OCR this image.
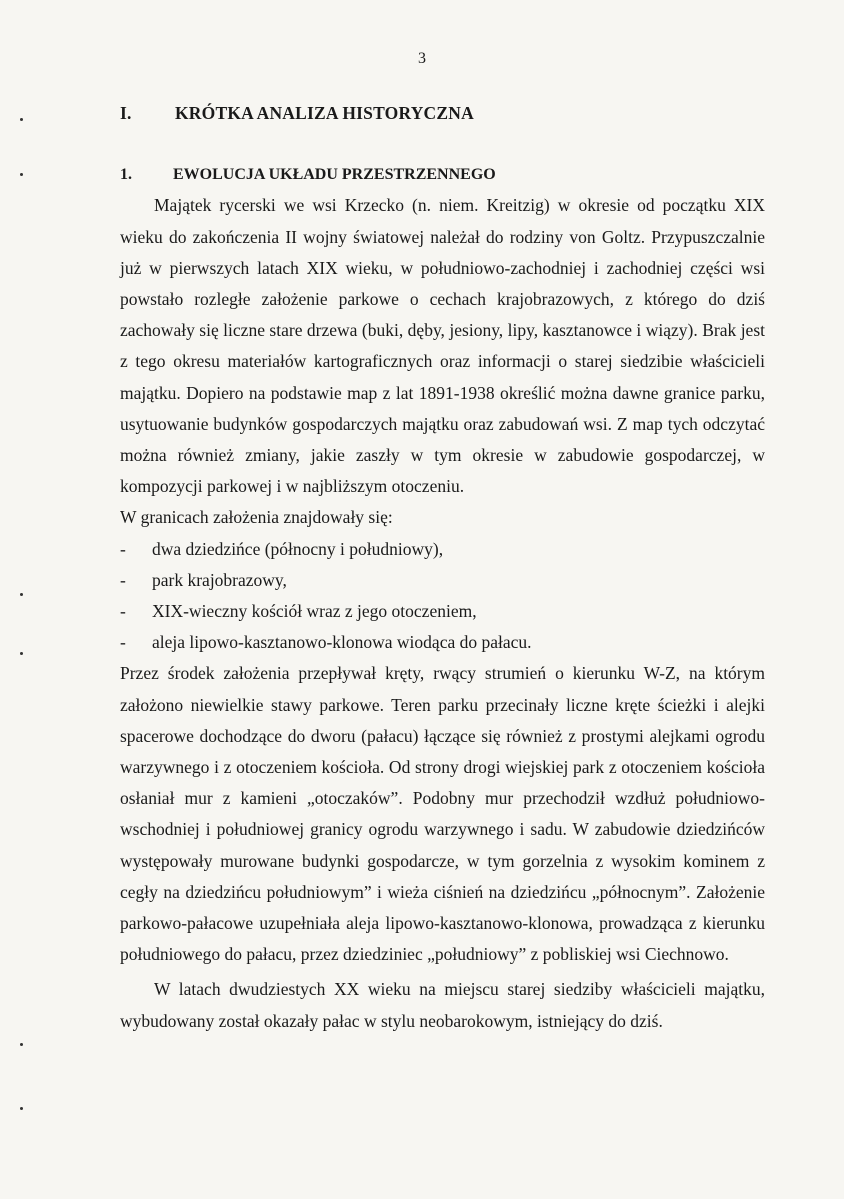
3
I.	KRÓTKA ANALIZA HISTORYCZNA
1.	EWOLUCJA UKŁADU PRZESTRZENNEGO

Majątek rycerski we wsi Krzecko (n. niem. Kreitzig) w okresie od początku XIX wieku do zakończenia II wojny światowej należał do rodziny von Goltz. Przypuszczalnie już w pierwszych latach XIX wieku, w południowo-zachodniej i zachodniej części wsi powstało rozległe założenie parkowe o cechach krajobrazowych, z którego do dziś zachowały się liczne stare drzewa (buki, dęby, jesiony, lipy, kasztanowce i wiązy). Brak jest z tego okresu materiałów kartograficznych oraz informacji o starej siedzibie właścicieli majątku. Dopiero na podstawie map z lat 1891-1938 określić można dawne granice parku, usytuowanie budynków gospodarczych majątku oraz zabudowań wsi. Z map tych odczytać można również zmiany, jakie zaszły w tym okresie w zabudowie gospodarczej, w kompozycji parkowej i w najbliższym otoczeniu.

W granicach założenia znajdowały się:

-	dwa dziedzińce (północny i południowy),
-	park krajobrazowy,
-	XIX-wieczny kościół wraz z jego otoczeniem,
-	aleja lipowo-kasztanowo-klonowa wiodąca do pałacu.

Przez środek założenia przepływał kręty, rwący strumień o kierunku W-Z, na którym założono niewielkie stawy parkowe. Teren parku przecinały liczne kręte ścieżki i alejki spacerowe dochodzące do dworu (pałacu) łączące się również z prostymi alejkami ogrodu warzywnego i z otoczeniem kościoła. Od strony drogi wiejskiej park z otoczeniem kościoła osłaniał mur z kamieni „otoczaków”. Podobny mur przechodził wzdłuż południowo-wschodniej i południowej granicy ogrodu warzywnego i sadu. W zabudowie dziedzińców występowały murowane budynki gospodarcze, w tym gorzelnia z wysokim kominem z cegły na dziedzińcu południowym” i wieża ciśnień na dziedzińcu „północnym”. Założenie parkowo-pałacowe uzupełniała aleja lipowo-kasztanowo-klonowa, prowadząca z kierunku południowego do pałacu, przez dziedziniec „południowy” z pobliskiej wsi Ciechnowo.

W latach dwudziestych XX wieku na miejscu starej siedziby właścicieli majątku, wybudowany został okazały pałac w stylu neobarokowym, istniejący do dziś.
